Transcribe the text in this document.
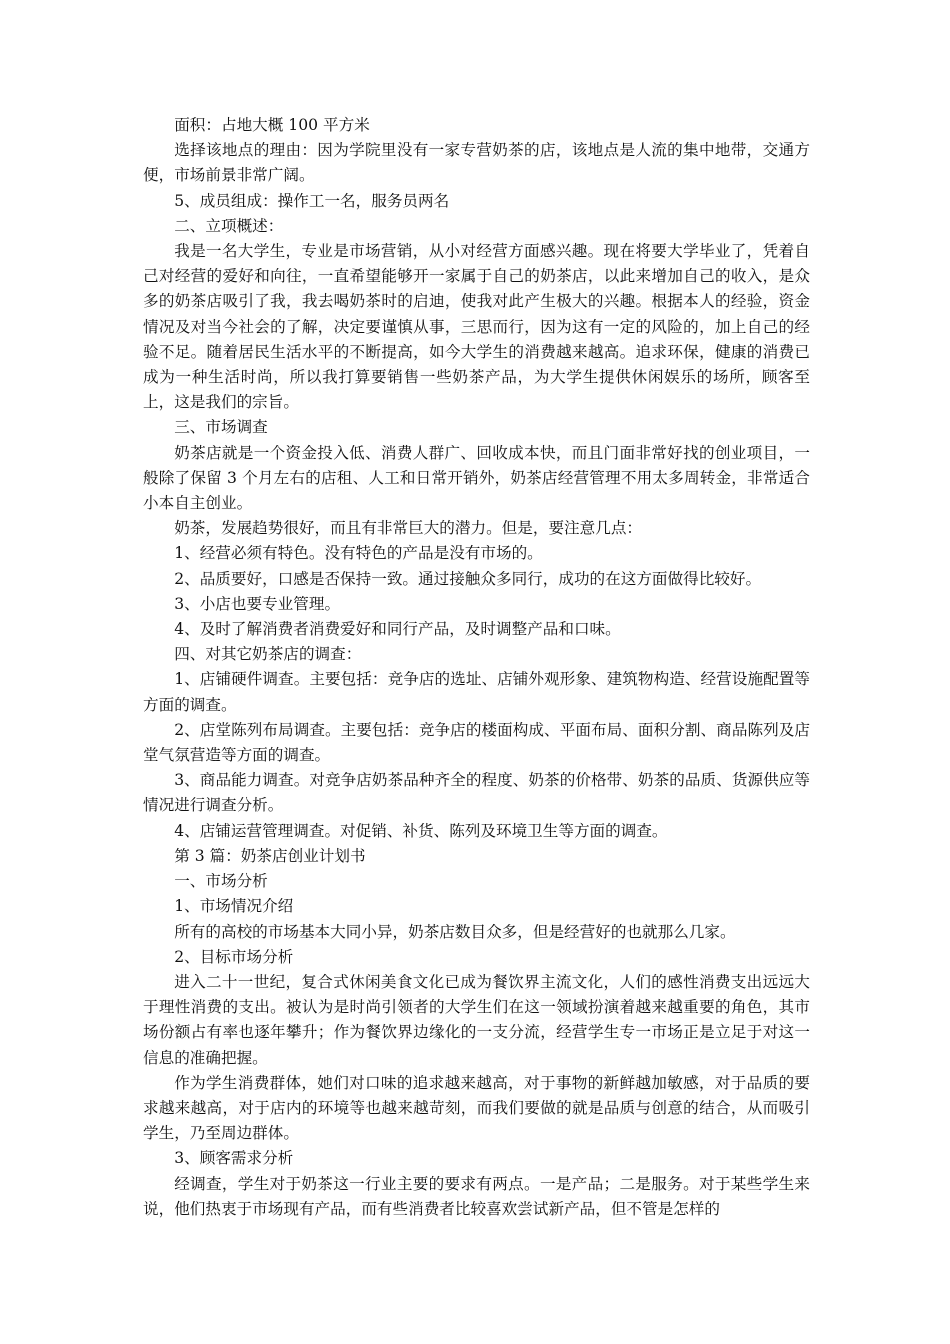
面积：占地大概 100 平方米

选择该地点的理由：因为学院里没有一家专营奶茶的店，该地点是人流的集中地带，交通方便，市场前景非常广阔。

5、成员组成：操作工一名，服务员两名

二、立项概述：

我是一名大学生，专业是市场营销，从小对经营方面感兴趣。现在将要大学毕业了，凭着自己对经营的爱好和向往，一直希望能够开一家属于自己的奶茶店，以此来增加自己的收入，是众多的奶茶店吸引了我，我去喝奶茶时的启迪，使我对此产生极大的兴趣。根据本人的经验，资金情况及对当今社会的了解，决定要谨慎从事，三思而行，因为这有一定的风险的，加上自己的经验不足。随着居民生活水平的不断提高，如今大学生的消费越来越高。追求环保，健康的消费已成为一种生活时尚，所以我打算要销售一些奶茶产品，为大学生提供休闲娱乐的场所，顾客至上，这是我们的宗旨。

三、市场调查

奶茶店就是一个资金投入低、消费人群广、回收成本快，而且门面非常好找的创业项目，一般除了保留 3 个月左右的店租、人工和日常开销外，奶茶店经营管理不用太多周转金，非常适合小本自主创业。

奶茶，发展趋势很好，而且有非常巨大的潜力。但是，要注意几点：

1、经营必须有特色。没有特色的产品是没有市场的。

2、品质要好，口感是否保持一致。通过接触众多同行，成功的在这方面做得比较好。

3、小店也要专业管理。

4、及时了解消费者消费爱好和同行产品，及时调整产品和口味。

四、对其它奶茶店的调查：

1、店铺硬件调查。主要包括：竞争店的选址、店铺外观形象、建筑物构造、经营设施配置等方面的调查。

2、店堂陈列布局调查。主要包括：竞争店的楼面构成、平面布局、面积分割、商品陈列及店堂气氛营造等方面的调查。

3、商品能力调查。对竞争店奶茶品种齐全的程度、奶茶的价格带、奶茶的品质、货源供应等情况进行调查分析。

4、店铺运营管理调查。对促销、补货、陈列及环境卫生等方面的调查。

第 3 篇：奶茶店创业计划书

一、市场分析

1、市场情况介绍

所有的高校的市场基本大同小异，奶茶店数目众多，但是经营好的也就那么几家。

2、目标市场分析

进入二十一世纪，复合式休闲美食文化已成为餐饮界主流文化，人们的感性消费支出远远大于理性消费的支出。被认为是时尚引领者的大学生们在这一领域扮演着越来越重要的角色，其市场份额占有率也逐年攀升；作为餐饮界边缘化的一支分流，经营学生专一市场正是立足于对这一信息的准确把握。

作为学生消费群体，她们对口味的追求越来越高，对于事物的新鲜越加敏感，对于品质的要求越来越高，对于店内的环境等也越来越苛刻，而我们要做的就是品质与创意的结合，从而吸引学生，乃至周边群体。

3、顾客需求分析

经调查，学生对于奶茶这一行业主要的要求有两点。一是产品；二是服务。对于某些学生来说，他们热衷于市场现有产品，而有些消费者比较喜欢尝试新产品，但不管是怎样的
